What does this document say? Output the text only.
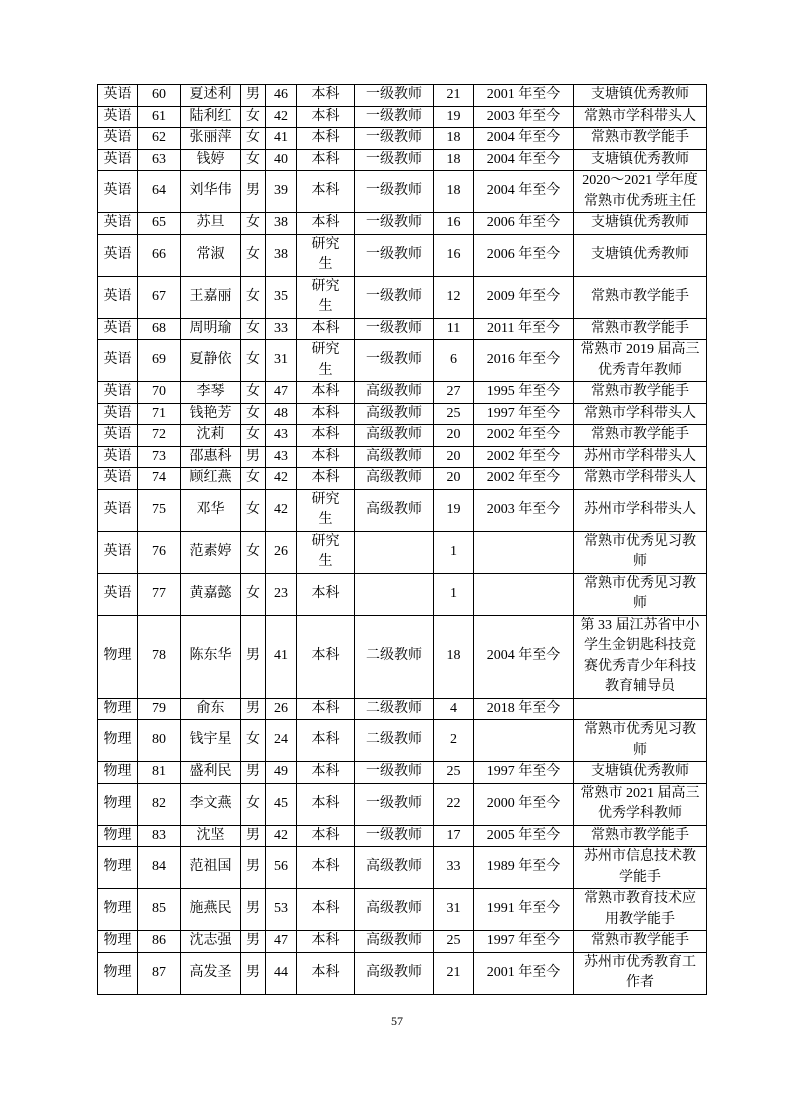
英语	60	夏述利	男	46	本科	一级教师	21	2001 年至今	支塘镇优秀教师

英语	61	陆利红	女	42	本科	一级教师	19	2003 年至今	常熟市学科带头人

英语	62	张丽萍	女	41	本科	一级教师	18	2004 年至今	常熟市教学能手

英语	63	钱婷	女	40	本科	一级教师	18	2004 年至今	支塘镇优秀教师

英语	64	刘华伟	男	39	本科	一级教师	18	2004 年至今	2020～2021 学年度
常熟市优秀班主任

英语	65	苏旦	女	38	本科	一级教师	16	2006 年至今	支塘镇优秀教师

英语	66	常淑	女	38	研究生	一级教师	16	2006 年至今	支塘镇优秀教师

英语	67	王嘉丽	女	35	研究生	一级教师	12	2009 年至今	常熟市教学能手

英语	68	周明瑜	女	33	本科	一级教师	11	2011 年至今	常熟市教学能手

英语	69	夏静依	女	31	研究生	一级教师	6	2016 年至今	常熟市 2019 届高三
优秀青年教师

英语	70	李琴	女	47	本科	高级教师	27	1995 年至今	常熟市教学能手

英语	71	钱艳芳	女	48	本科	高级教师	25	1997 年至今	常熟市学科带头人

英语	72	沈莉	女	43	本科	高级教师	20	2002 年至今	常熟市教学能手

英语	73	邵惠科	男	43	本科	高级教师	20	2002 年至今	苏州市学科带头人

英语	74	顾红燕	女	42	本科	高级教师	20	2002 年至今	常熟市学科带头人

英语	75	邓华	女	42	研究生	高级教师	19	2003 年至今	苏州市学科带头人

英语	76	范素婷	女	26	研究生		1		常熟市优秀见习教
师

英语	77	黄嘉懿	女	23	本科		1		常熟市优秀见习教
师

物理	78	陈东华	男	41	本科	二级教师	18	2004 年至今	第 33 届江苏省中小
学生金钥匙科技竞
赛优秀青少年科技
教育辅导员

物理	79	俞东	男	26	本科	二级教师	4	2018 年至今	
物理	80	钱宇星	女	24	本科	二级教师	2		常熟市优秀见习教
师

物理	81	盛利民	男	49	本科	一级教师	25	1997 年至今	支塘镇优秀教师

物理	82	李文燕	女	45	本科	一级教师	22	2000 年至今	常熟市 2021 届高三
优秀学科教师

物理	83	沈坚	男	42	本科	一级教师	17	2005 年至今	常熟市教学能手

物理	84	范祖国	男	56	本科	高级教师	33	1989 年至今	苏州市信息技术教
学能手

物理	85	施燕民	男	53	本科	高级教师	31	1991 年至今	常熟市教育技术应
用教学能手

物理	86	沈志强	男	47	本科	高级教师	25	1997 年至今	常熟市教学能手

物理	87	高发圣	男	44	本科	高级教师	21	2001 年至今	苏州市优秀教育工
作者
57
